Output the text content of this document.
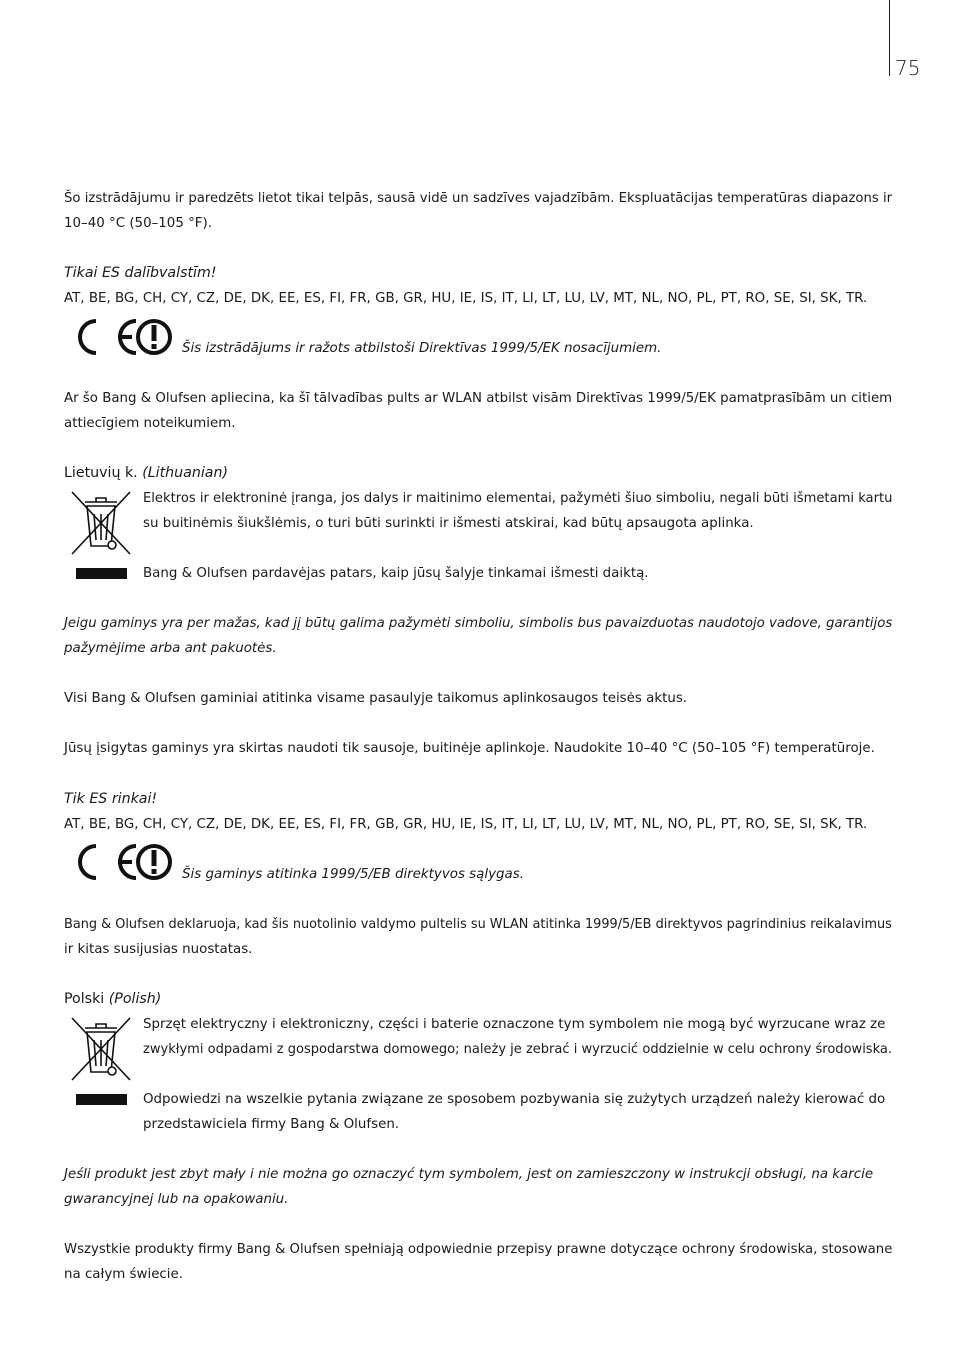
75
Šo izstrādājumu ir paredzēts lietot tikai telpās, sausā vidē un sadzīves vajadzībām. Ekspluatācijas temperatūras diapazons ir
10–40 °C (50–105 °F).
Tikai ES dalībvalstīm!
AT, BE, BG, CH, CY, CZ, DE, DK, EE, ES, FI, FR, GB, GR, HU, IE, IS, IT, LI, LT, LU, LV, MT, NL, NO, PL, PT, RO, SE, SI, SK, TR.
Šis izstrādājums ir ražots atbilstoši Direktīvas 1999/5/EK nosacījumiem.
Ar šo Bang & Olufsen apliecina, ka šī tālvadības pults ar WLAN atbilst visām Direktīvas 1999/5/EK pamatprasībām un citiem
attiecīgiem noteikumiem.
Lietuvių k. (Lithuanian)
Elektros ir elektroninė įranga, jos dalys ir maitinimo elementai, pažymėti šiuo simboliu, negali būti išmetami kartu
su buitinėmis šiukšlėmis, o turi būti surinkti ir išmesti atskirai, kad būtų apsaugota aplinka.
Bang & Olufsen pardavėjas patars, kaip jūsų šalyje tinkamai išmesti daiktą.
Jeigu gaminys yra per mažas, kad jį būtų galima pažymėti simboliu, simbolis bus pavaizduotas naudotojo vadove, garantijos
pažymėjime arba ant pakuotės.
Visi Bang & Olufsen gaminiai atitinka visame pasaulyje taikomus aplinkosaugos teisės aktus.
Jūsų įsigytas gaminys yra skirtas naudoti tik sausoje, buitinėje aplinkoje. Naudokite 10–40 °C (50–105 °F) temperatūroje.
Tik ES rinkai!
AT, BE, BG, CH, CY, CZ, DE, DK, EE, ES, FI, FR, GB, GR, HU, IE, IS, IT, LI, LT, LU, LV, MT, NL, NO, PL, PT, RO, SE, SI, SK, TR.
Šis gaminys atitinka 1999/5/EB direktyvos sąlygas.
Bang & Olufsen deklaruoja, kad šis nuotolinio valdymo pultelis su WLAN atitinka 1999/5/EB direktyvos pagrindinius reikalavimus
ir kitas susijusias nuostatas.
Polski (Polish)
Sprzęt elektryczny i elektroniczny, części i baterie oznaczone tym symbolem nie mogą być wyrzucane wraz ze
zwykłymi odpadami z gospodarstwa domowego; należy je zebrać i wyrzucić oddzielnie w celu ochrony środowiska.
Odpowiedzi na wszelkie pytania związane ze sposobem pozbywania się zużytych urządzeń należy kierować do
przedstawiciela firmy Bang & Olufsen.
Jeśli produkt jest zbyt mały i nie można go oznaczyć tym symbolem, jest on zamieszczony w instrukcji obsługi, na karcie
gwarancyjnej lub na opakowaniu.
Wszystkie produkty firmy Bang & Olufsen spełniają odpowiednie przepisy prawne dotyczące ochrony środowiska, stosowane
na całym świecie.
